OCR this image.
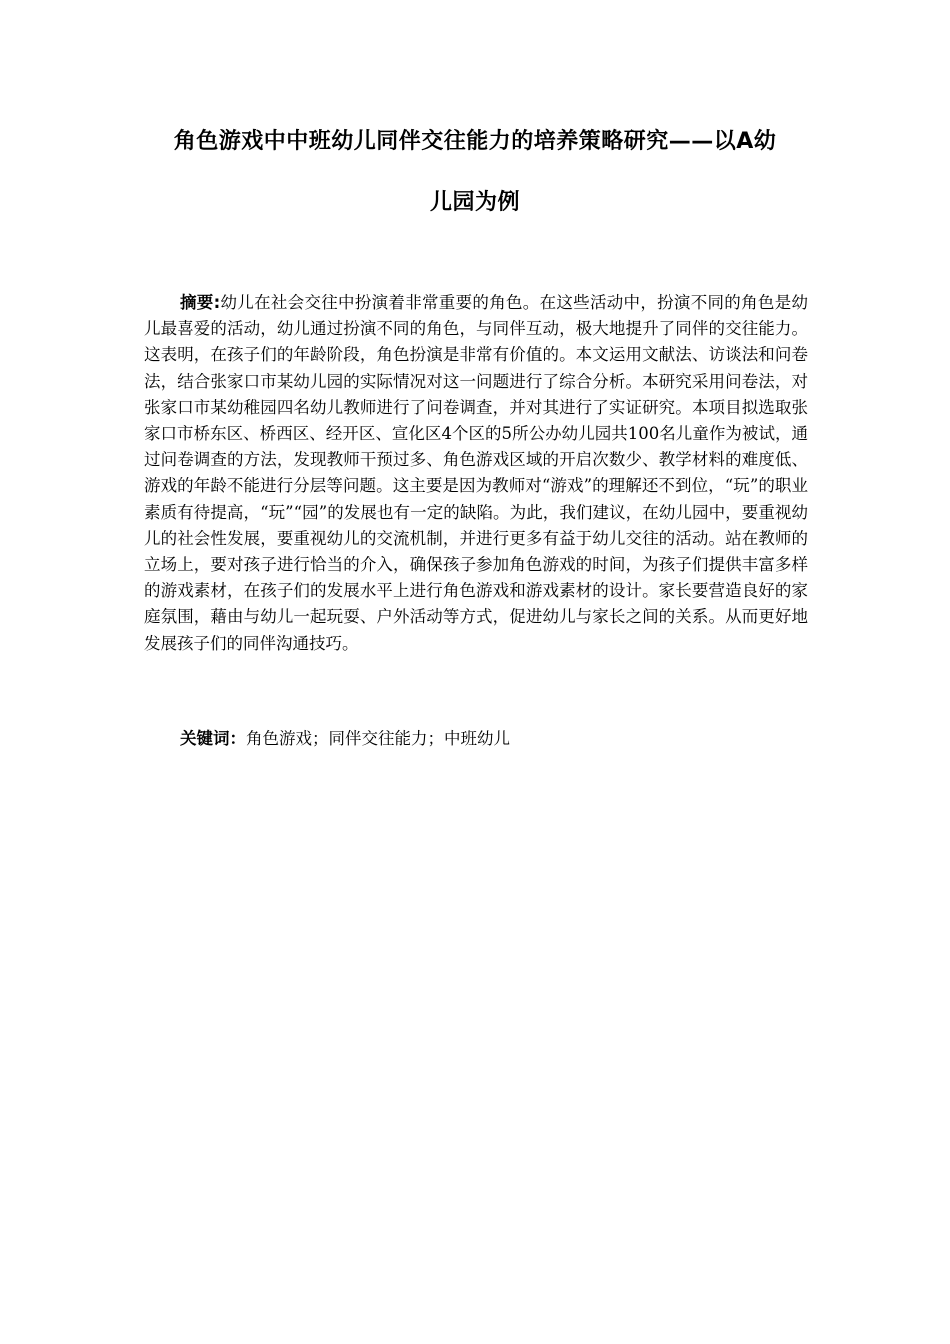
角色游戏中中班幼儿同伴交往能力的培养策略研究——以A幼
儿园为例

摘要:幼儿在社会交往中扮演着非常重要的角色。在这些活动中，扮演不同的角色是幼儿最喜爱的活动，幼儿通过扮演不同的角色，与同伴互动，极大地提升了同伴的交往能力。这表明，在孩子们的年龄阶段，角色扮演是非常有价值的。本文运用文献法、访谈法和问卷法，结合张家口市某幼儿园的实际情况对这一问题进行了综合分析。本研究采用问卷法，对张家口市某幼稚园四名幼儿教师进行了问卷调查，并对其进行了实证研究。本项目拟选取张家口市桥东区、桥西区、经开区、宣化区4个区的5所公办幼儿园共100名儿童作为被试，通过问卷调查的方法，发现教师干预过多、角色游戏区域的开启次数少、教学材料的难度低、游戏的年龄不能进行分层等问题。这主要是因为教师对“游戏”的理解还不到位，“玩”的职业素质有待提高，“玩”“园”的发展也有一定的缺陷。为此，我们建议，在幼儿园中，要重视幼儿的社会性发展，要重视幼儿的交流机制，并进行更多有益于幼儿交往的活动。站在教师的立场上，要对孩子进行恰当的介入，确保孩子参加角色游戏的时间，为孩子们提供丰富多样的游戏素材，在孩子们的发展水平上进行角色游戏和游戏素材的设计。家长要营造良好的家庭氛围，藉由与幼儿一起玩耍、户外活动等方式，促进幼儿与家长之间的关系。从而更好地发展孩子们的同伴沟通技巧。

关键词：角色游戏；同伴交往能力；中班幼儿
